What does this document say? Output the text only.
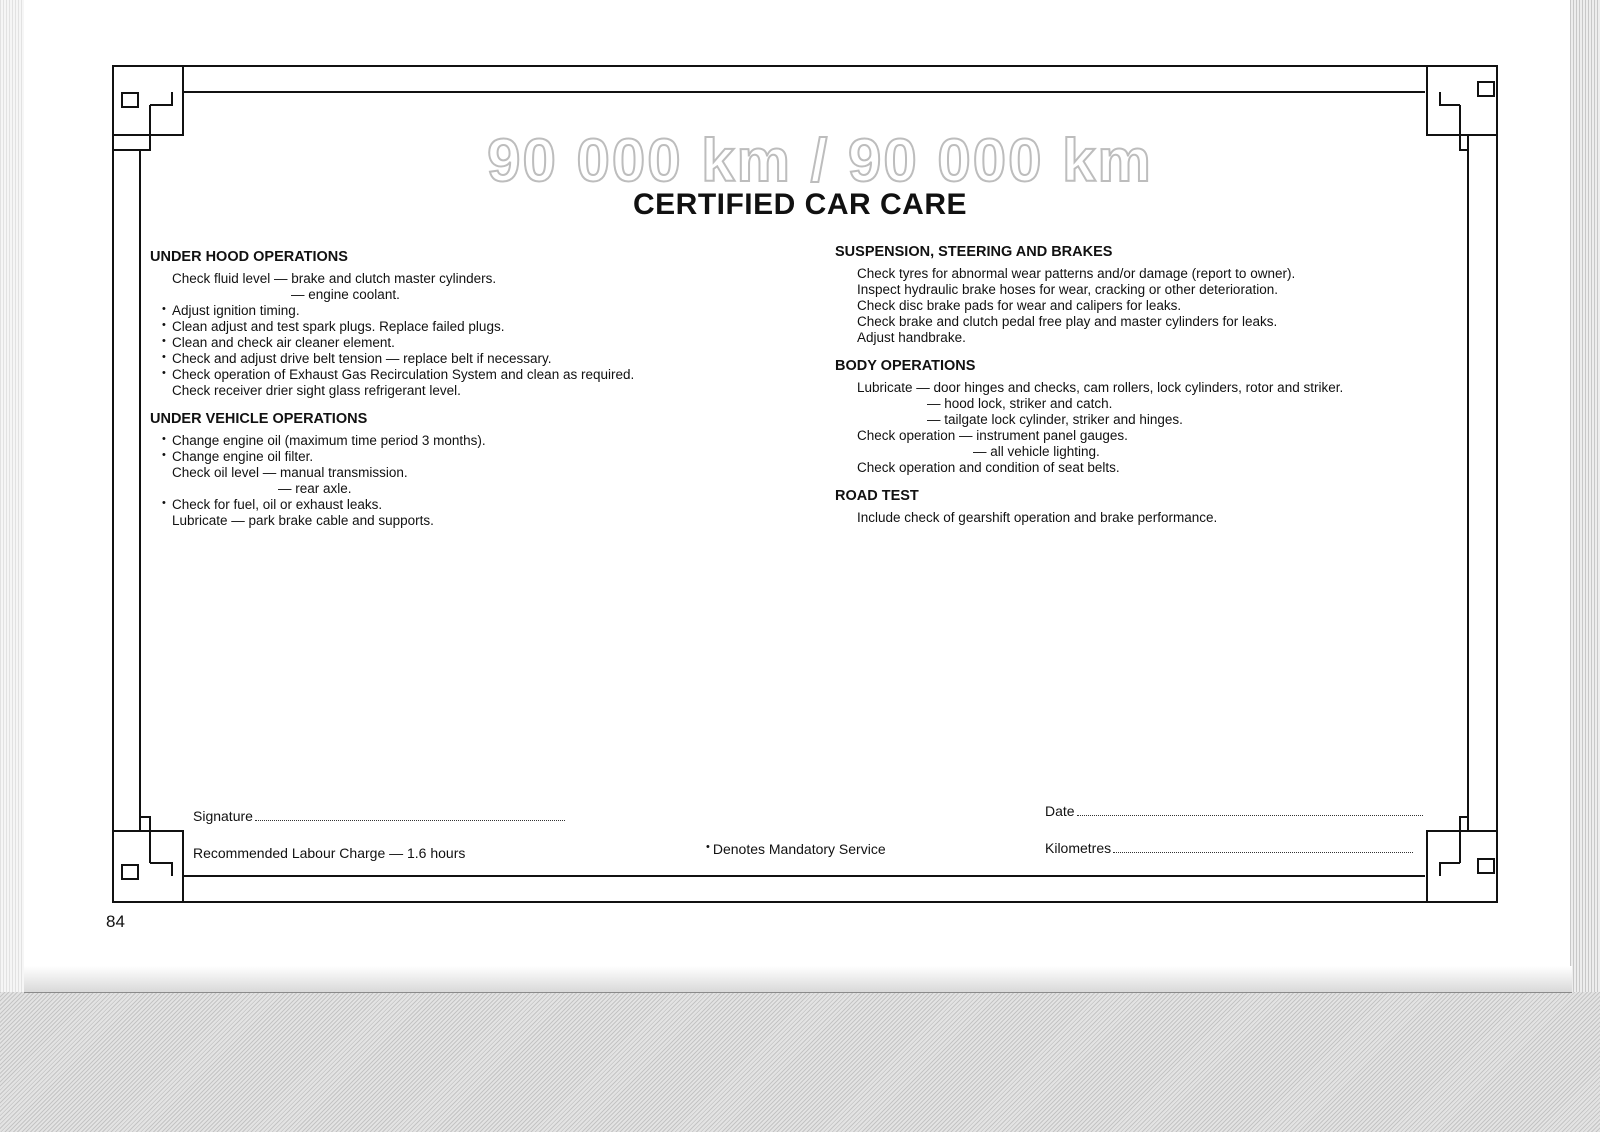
90 000 km / 90 000 km
CERTIFIED CAR CARE
UNDER HOOD OPERATIONS
Check fluid level — brake and clutch master cylinders.
— engine coolant.
• Adjust ignition timing.
• Clean adjust and test spark plugs. Replace failed plugs.
• Clean and check air cleaner element.
• Check and adjust drive belt tension — replace belt if necessary.
• Check operation of Exhaust Gas Recirculation System and clean as required.
Check receiver drier sight glass refrigerant level.
UNDER VEHICLE OPERATIONS
• Change engine oil (maximum time period 3 months).
• Change engine oil filter.
Check oil level — manual transmission.
— rear axle.
• Check for fuel, oil or exhaust leaks.
Lubricate — park brake cable and supports.
SUSPENSION, STEERING AND BRAKES
Check tyres for abnormal wear patterns and/or damage (report to owner).
Inspect hydraulic brake hoses for wear, cracking or other deterioration.
Check disc brake pads for wear and calipers for leaks.
Check brake and clutch pedal free play and master cylinders for leaks.
Adjust handbrake.
BODY OPERATIONS
Lubricate — door hinges and checks, cam rollers, lock cylinders, rotor and striker.
— hood lock, striker and catch.
— tailgate lock cylinder, striker and hinges.
Check operation — instrument panel gauges.
— all vehicle lighting.
Check operation and condition of seat belts.
ROAD TEST
Include check of gearshift operation and brake performance.
Signature	Date
Recommended Labour Charge — 1.6 hours	• Denotes Mandatory Service	Kilometres
84
